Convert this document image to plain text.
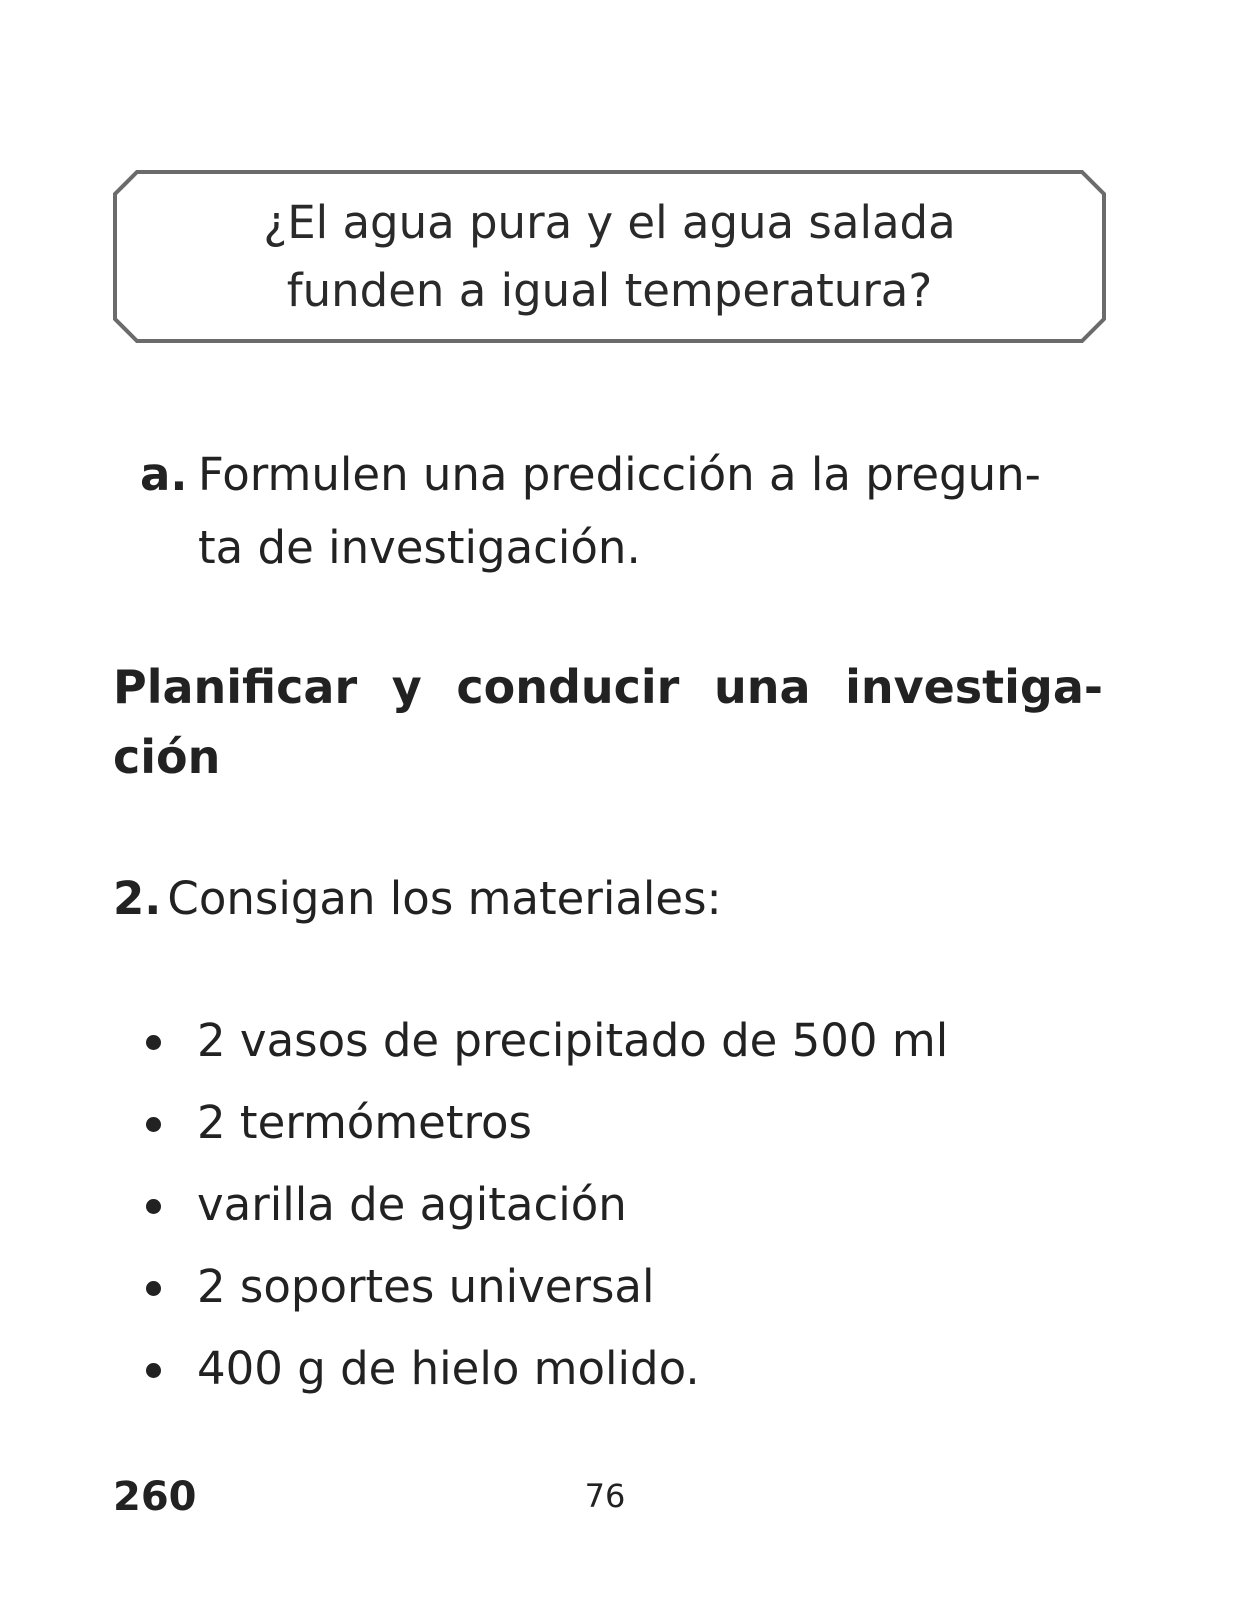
¿El agua pura y el agua salada
funden a igual temperatura?
a. Formulen una predicción a la pregun-
ta de investigación.
Planificar y conducir una investiga-
ción
2. Consigan los materiales:
2 vasos de precipitado de 500 ml
2 termómetros
varilla de agitación
2 soportes universal
400 g de hielo molido.
260	76
